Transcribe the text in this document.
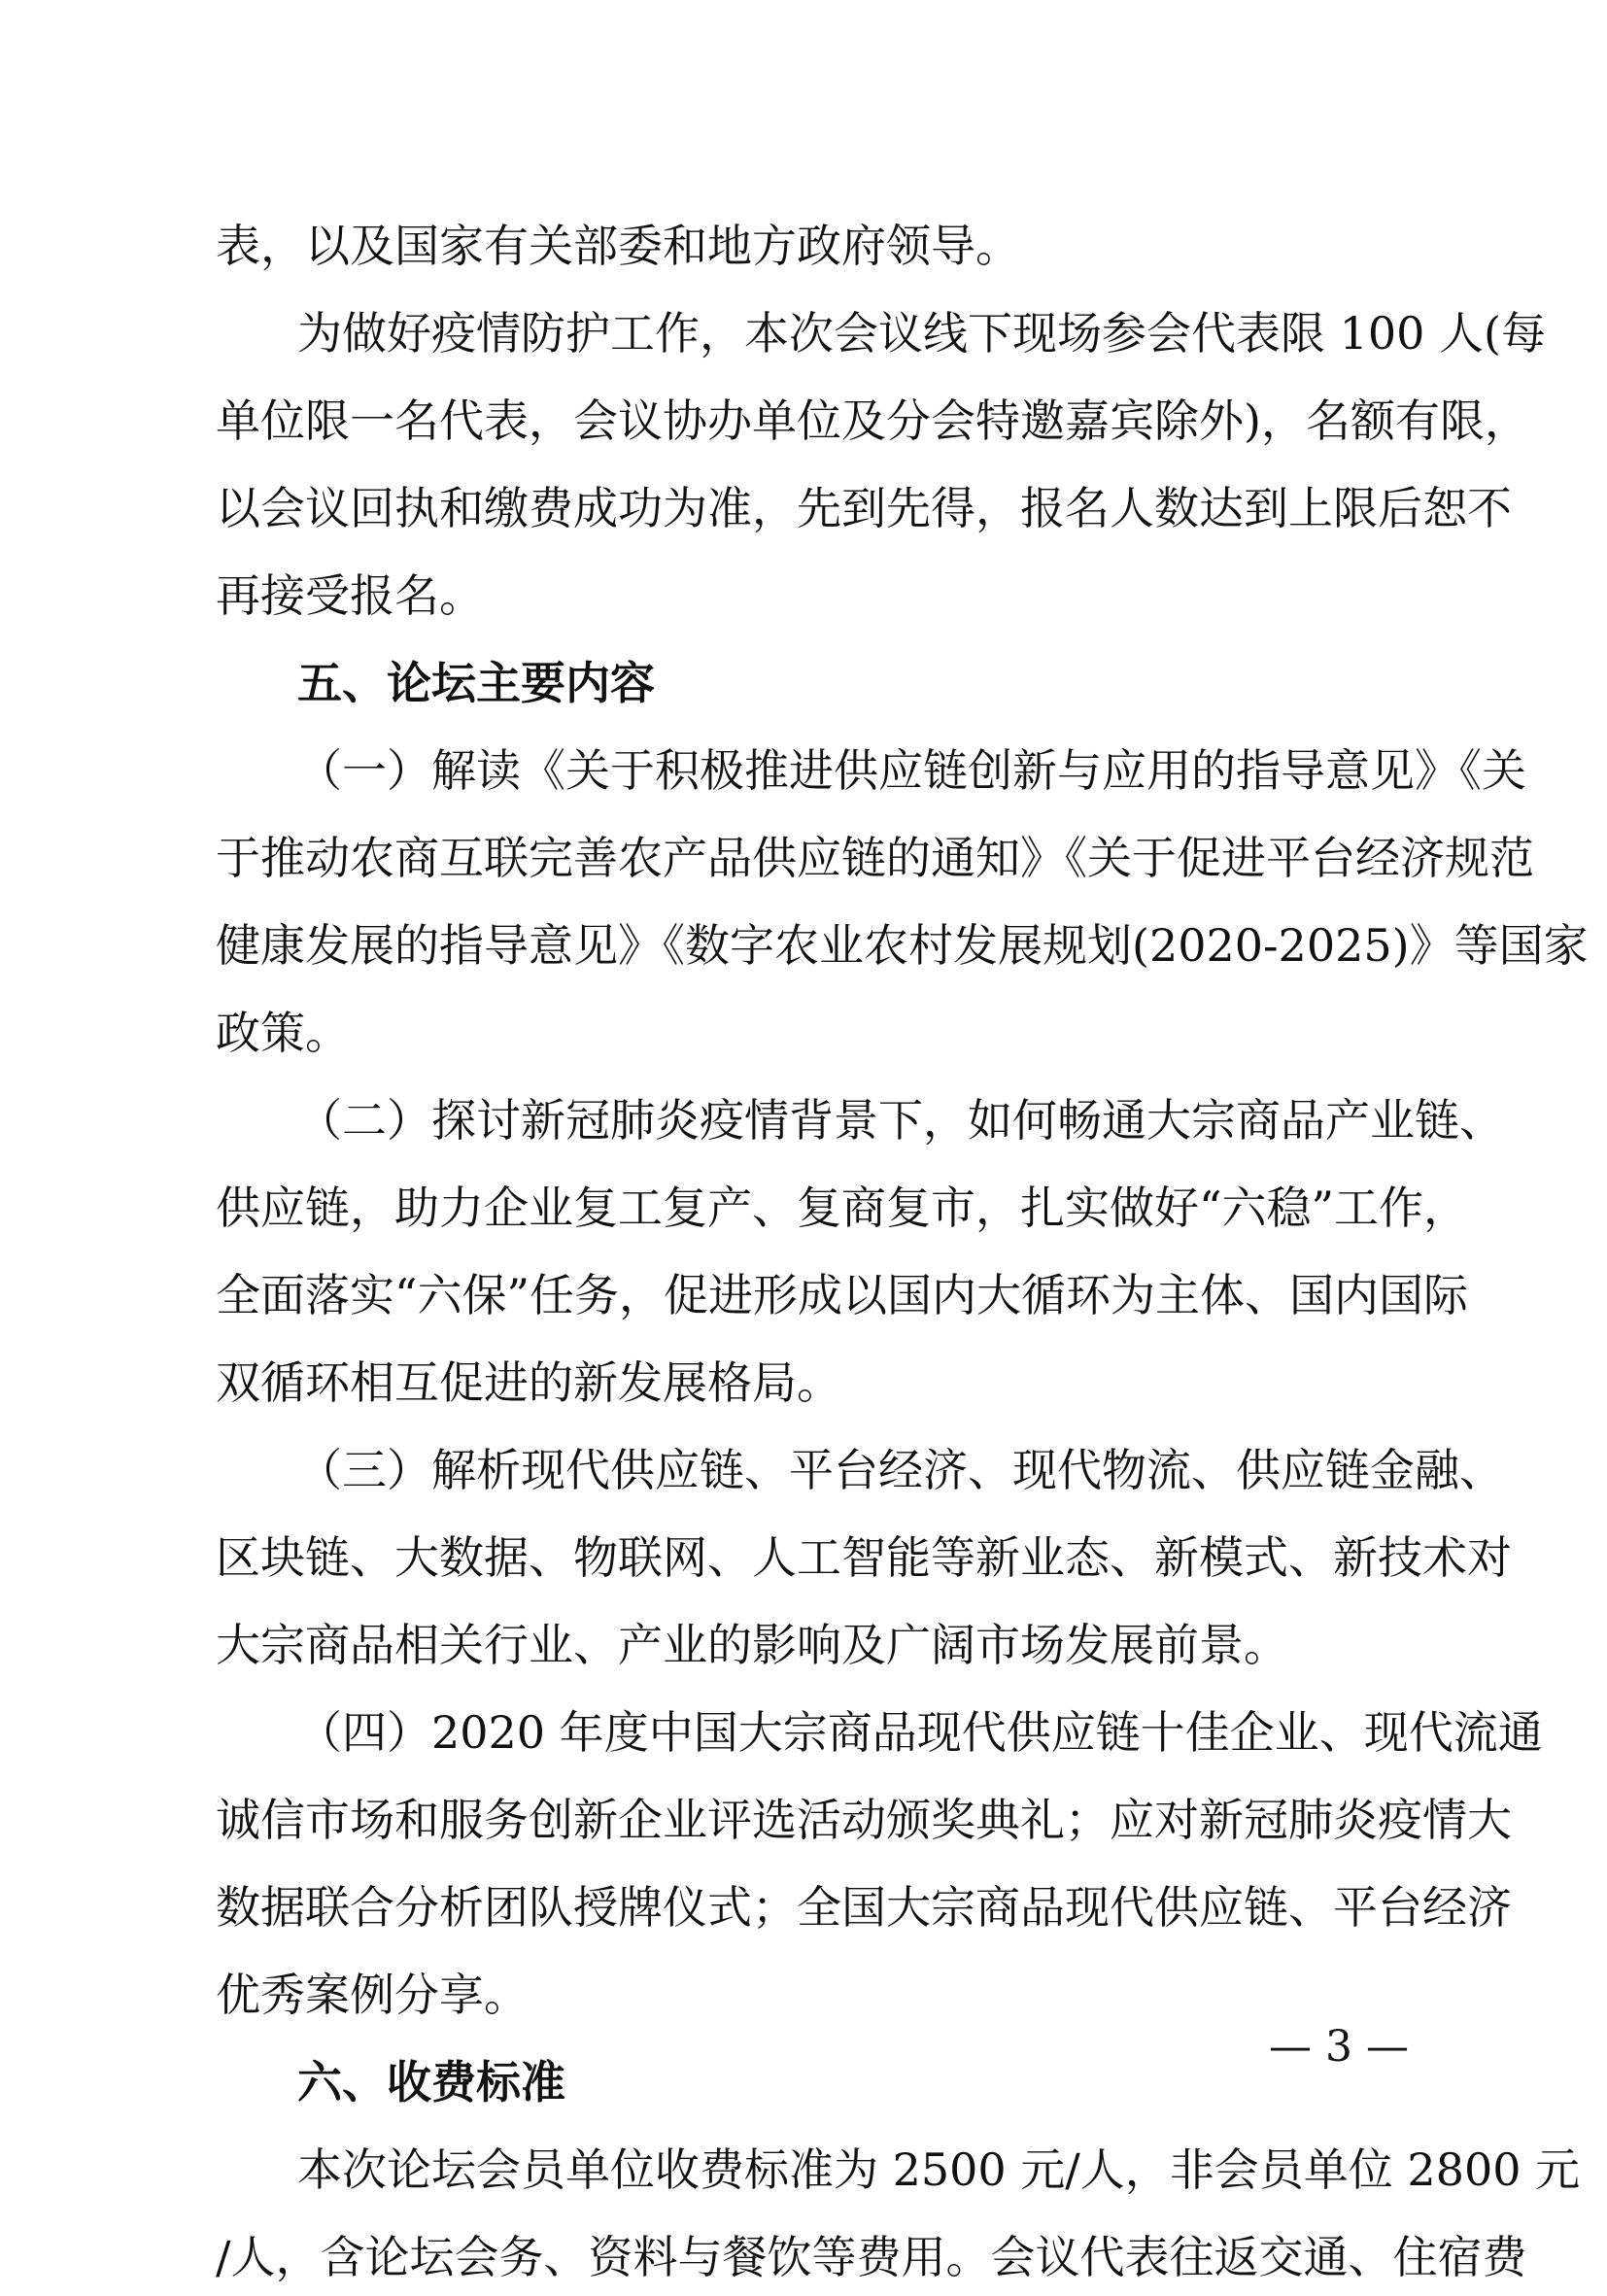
表，以及国家有关部委和地方政府领导。
为做好疫情防护工作，本次会议线下现场参会代表限 100 人(每
单位限一名代表，会议协办单位及分会特邀嘉宾除外)，名额有限，
以会议回执和缴费成功为准，先到先得，报名人数达到上限后恕不
再接受报名。
五、论坛主要内容
（一）解读《关于积极推进供应链创新与应用的指导意见》《关
于推动农商互联完善农产品供应链的通知》《关于促进平台经济规范
健康发展的指导意见》《数字农业农村发展规划(2020-2025)》等国家
政策。
（二）探讨新冠肺炎疫情背景下，如何畅通大宗商品产业链、
供应链，助力企业复工复产、复商复市，扎实做好“六稳”工作，
全面落实“六保”任务，促进形成以国内大循环为主体、国内国际
双循环相互促进的新发展格局。
（三）解析现代供应链、平台经济、现代物流、供应链金融、
区块链、大数据、物联网、人工智能等新业态、新模式、新技术对
大宗商品相关行业、产业的影响及广阔市场发展前景。
（四）2020 年度中国大宗商品现代供应链十佳企业、现代流通
诚信市场和服务创新企业评选活动颁奖典礼；应对新冠肺炎疫情大
数据联合分析团队授牌仪式；全国大宗商品现代供应链、平台经济
优秀案例分享。
六、收费标准
本次论坛会员单位收费标准为 2500 元/人，非会员单位 2800 元
/人，含论坛会务、资料与餐饮等费用。会议代表往返交通、住宿费
— 3 —
